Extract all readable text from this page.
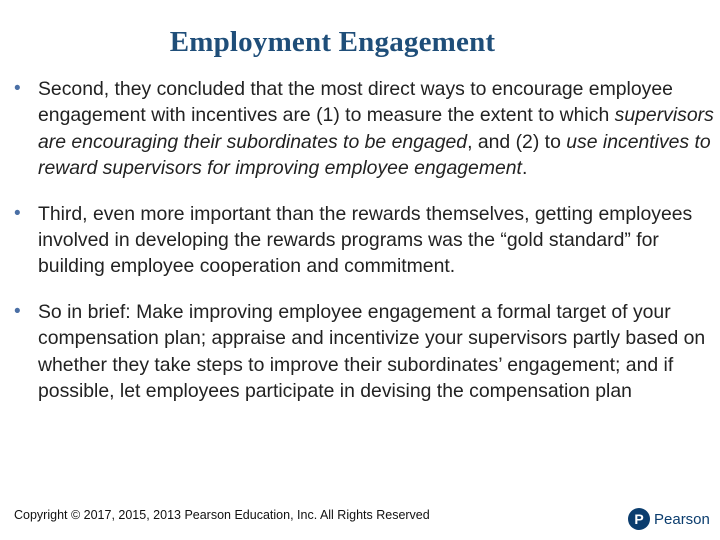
Employment Engagement
• Second, they concluded that the most direct ways to encourage employee engagement with incentives are (1) to measure the extent to which supervisors are encouraging their subordinates to be engaged, and (2) to use incentives to reward supervisors for improving employee engagement.
• Third, even more important than the rewards themselves, getting employees involved in developing the rewards programs was the “gold standard” for building employee cooperation and commitment.
• So in brief: Make improving employee engagement a formal target of your compensation plan; appraise and incentivize your supervisors partly based on whether they take steps to improve their subordinates’ engagement; and if possible, let employees participate in devising the compensation plan
Copyright © 2017, 2015, 2013 Pearson Education, Inc. All Rights Reserved	P Pearson
